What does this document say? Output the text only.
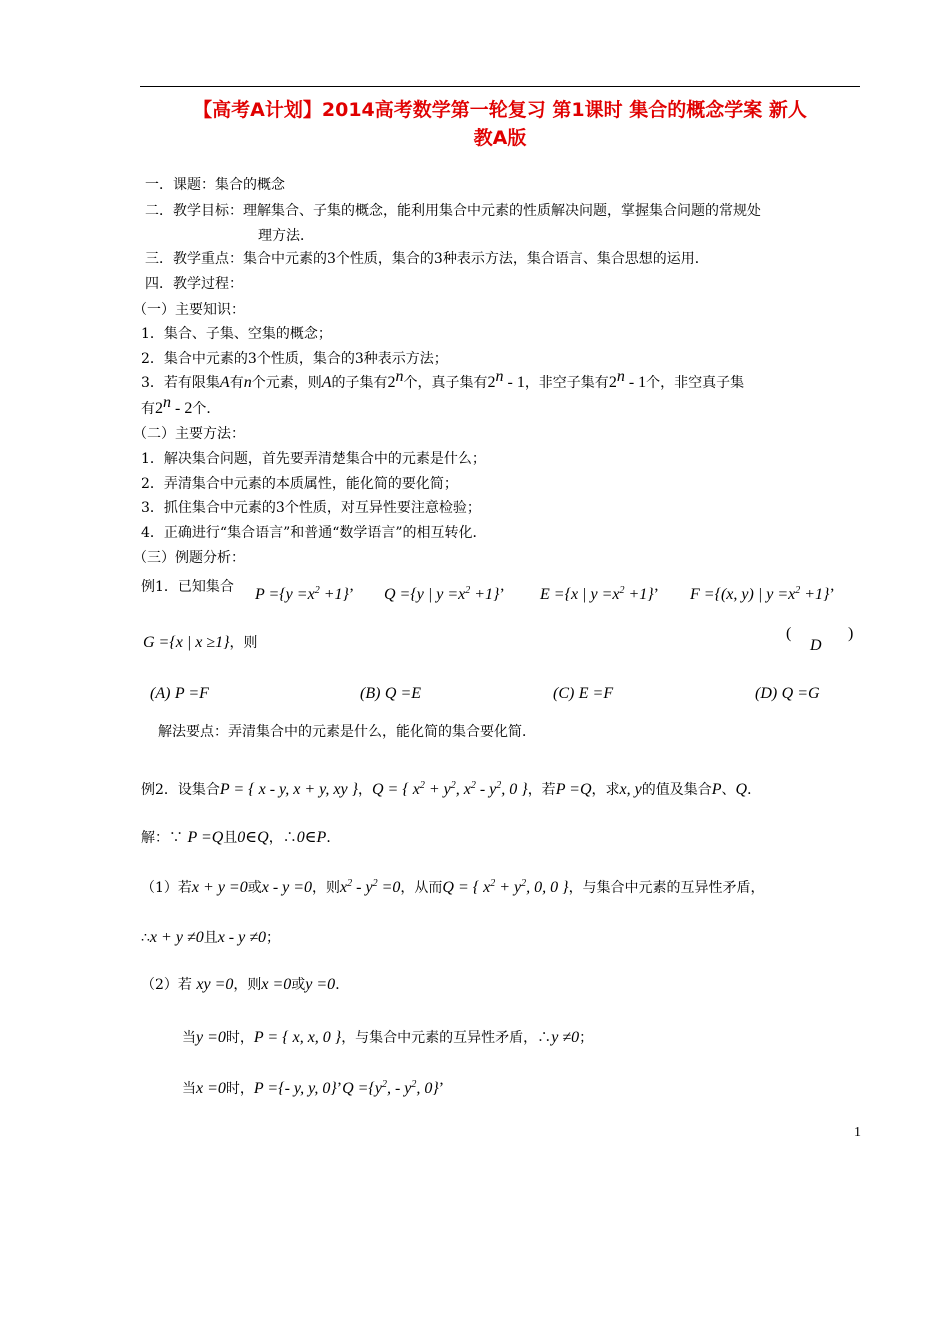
【高考A计划】2014高考数学第一轮复习 第1课时 集合的概念学案 新人
教A版
一．课题：集合的概念
二．教学目标：理解集合、子集的概念，能利用集合中元素的性质解决问题，掌握集合问题的常规处
理方法．
三．教学重点：集合中元素的3个性质，集合的3种表示方法，集合语言、集合思想的运用．
四．教学过程：
（一）主要知识：
1．集合、子集、空集的概念；
2．集合中元素的3个性质，集合的3种表示方法；
3．若有限集A有n个元素，则A的子集有2$^n$个，真子集有2$^n$ - 1，非空子集有2$^n$ - 1个，非空真子集
有2$^n$ - 2个．
（二）主要方法：
1．解决集合问题，首先要弄清楚集合中的元素是什么；
2．弄清集合中元素的本质属性，能化简的要化简；
3．抓住集合中元素的3个性质，对互异性要注意检验；
4．正确进行“集合语言”和普通“数学语言”的相互转化．
（三）例题分析：
例1．已知集合 $P =\{y =x^2 +1\}$’ Q ={y | $y =x^2 +1$}’ E ={x | $y =x^2 +1$}’ F ={(x, y) | $y =x^2 +1$}’
G ={x | x ≥1}，则
(
D
)
(A) P =F	(B) Q =E	(C) E =F	(D) Q =G
解法要点：弄清集合中的元素是什么，能化简的集合要化简．
例2．设集合P = { x - y, x + y, xy }，Q = { $x^2 + y^2$, $x^2 - y^2$, 0 }，若P =Q，求x, y的值及集合P、Q．
解：∵ P =Q且0∈Q，∴0∈P．
（1）若x + y =0或x - y =0，则$x^2 - y^2 =0$，从而Q = { $x^2 + y^2$, 0, 0 }，与集合中元素的互异性矛盾，
∴x + y ≠0且x - y ≠0；
（2）若 xy =0，则x =0或y =0．
当y =0时，P = { x, x, 0 }，与集合中元素的互异性矛盾，∴y ≠0；
当x =0时，P ={- y, y, 0}’Q $=\{y^2$, - $y^2$, 0}’
1
